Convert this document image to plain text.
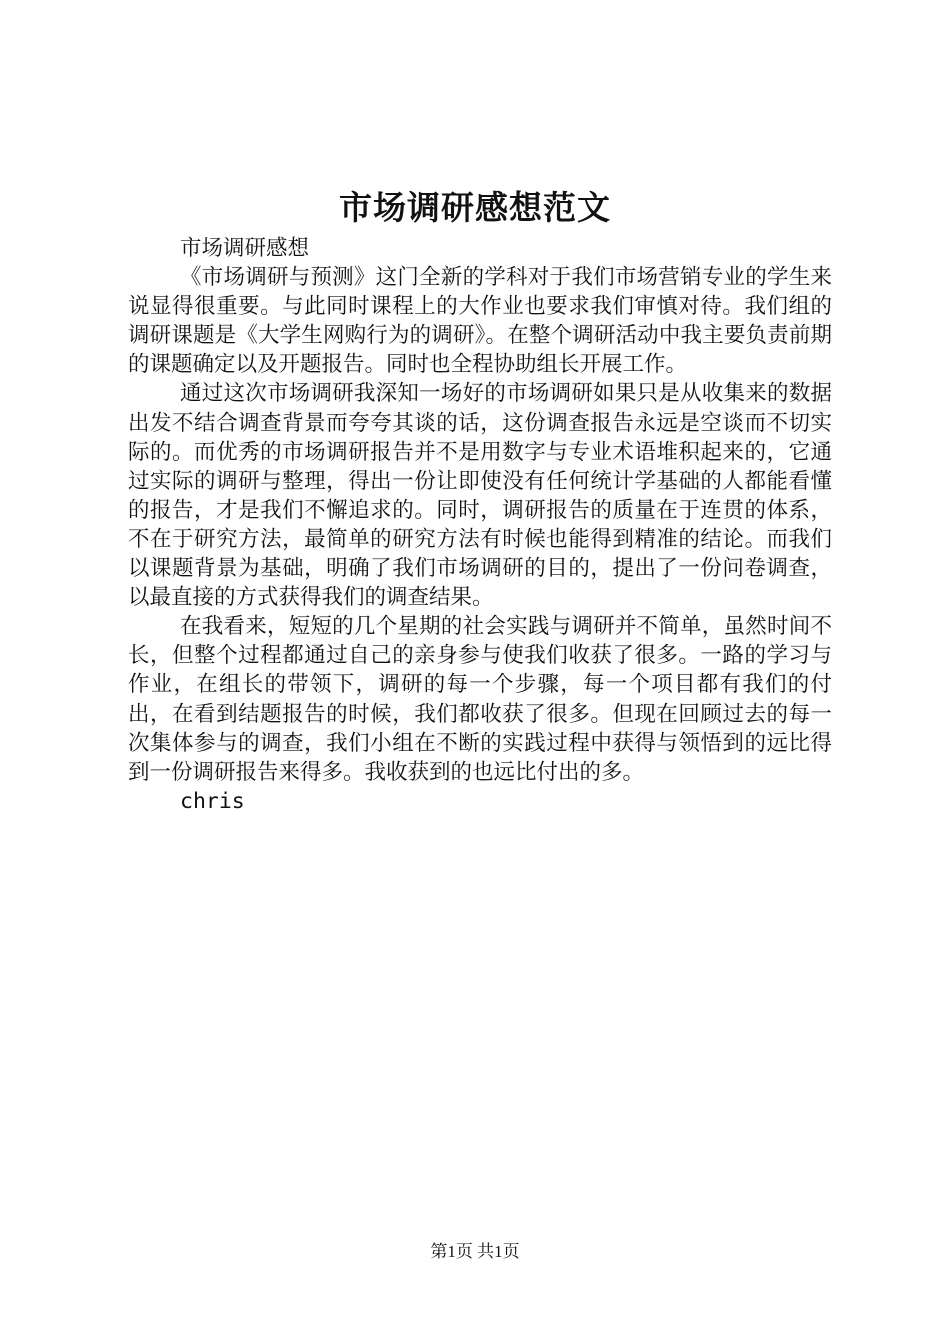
市场调研感想范文

市场调研感想

《市场调研与预测》这门全新的学科对于我们市场营销专业的学生来说显得很重要。与此同时课程上的大作业也要求我们审慎对待。我们组的调研课题是《大学生网购行为的调研》。在整个调研活动中我主要负责前期的课题确定以及开题报告。同时也全程协助组长开展工作。

通过这次市场调研我深知一场好的市场调研如果只是从收集来的数据出发不结合调查背景而夸夸其谈的话，这份调查报告永远是空谈而不切实际的。而优秀的市场调研报告并不是用数字与专业术语堆积起来的，它通过实际的调研与整理，得出一份让即使没有任何统计学基础的人都能看懂的报告，才是我们不懈追求的。同时，调研报告的质量在于连贯的体系，不在于研究方法，最简单的研究方法有时候也能得到精准的结论。而我们以课题背景为基础，明确了我们市场调研的目的，提出了一份问卷调查，以最直接的方式获得我们的调查结果。

在我看来，短短的几个星期的社会实践与调研并不简单，虽然时间不长，但整个过程都通过自己的亲身参与使我们收获了很多。一路的学习与作业，在组长的带领下，调研的每一个步骤，每一个项目都有我们的付出，在看到结题报告的时候，我们都收获了很多。但现在回顾过去的每一次集体参与的调查，我们小组在不断的实践过程中获得与领悟到的远比得到一份调研报告来得多。我收获到的也远比付出的多。

chris

第1页 共1页
